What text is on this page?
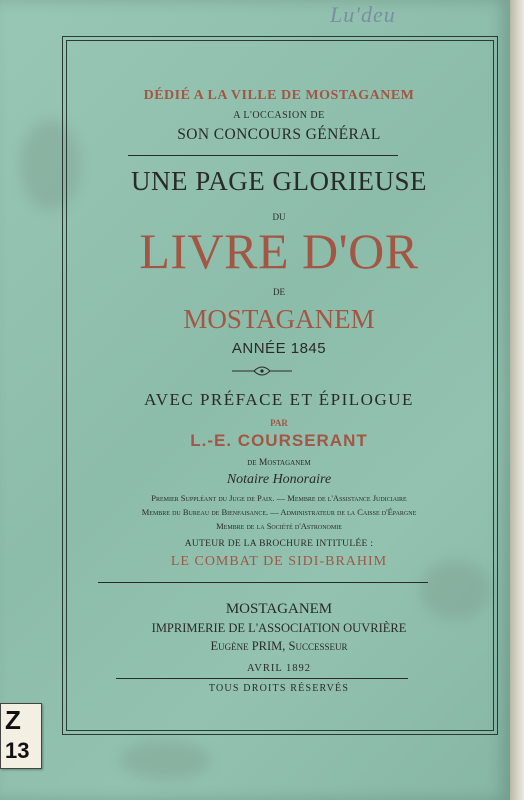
Lu'deu
DÉDIÉ A LA VILLE DE MOSTAGANEM
A L'OCCASION DE
SON CONCOURS GÉNÉRAL
UNE PAGE GLORIEUSE
DU
LIVRE D'OR
DE
MOSTAGANEM
ANNÉE 1845
AVEC PRÉFACE ET ÉPILOGUE
PAR
L.-E. COURSERANT
de Mostaganem
Notaire Honoraire
Premier Suppléant du Juge de Paix. — Membre de l'Assistance Judiciaire
Membre du Bureau de Bienfaisance. — Administrateur de la Caisse d'Épargne
Membre de la Société d'Astronomie
AUTEUR DE LA BROCHURE INTITULÉE :
LE COMBAT DE SIDI-BRAHIM
MOSTAGANEM
IMPRIMERIE DE L'ASSOCIATION OUVRIÈRE
Eugène PRIM, Successeur
AVRIL 1892
TOUS DROITS RÉSERVÉS
Z
13
